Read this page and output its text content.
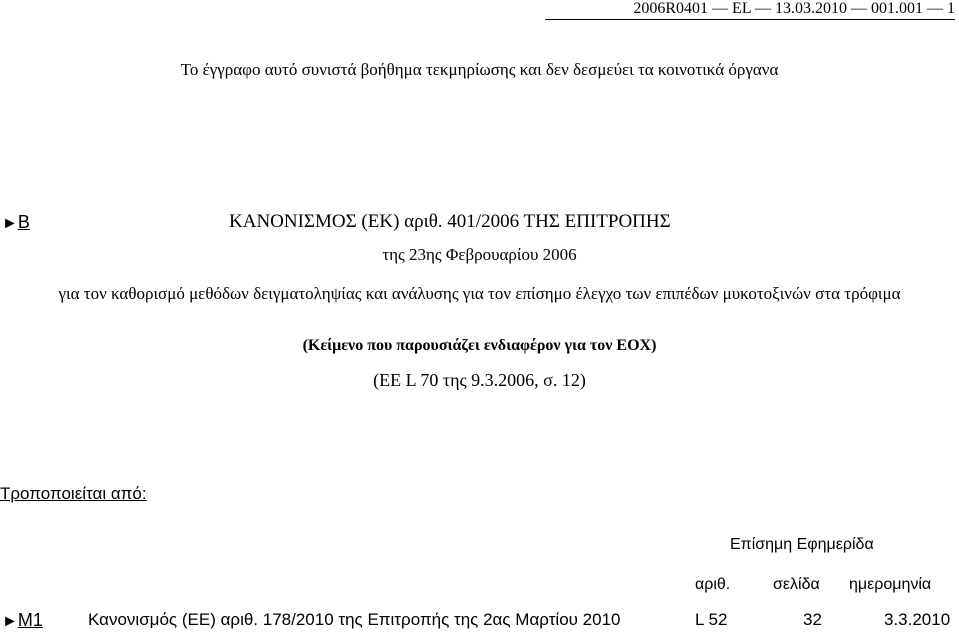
2006R0401 — EL — 13.03.2010 — 001.001 — 1
Το έγγραφο αυτό συνιστά βοήθημα τεκμηρίωσης και δεν δεσμεύει τα κοινοτικά όργανα
►B	ΚΑΝΟΝΙΣΜΟΣ (ΕΚ) αριθ. 401/2006 ΤΗΣ ΕΠΙΤΡΟΠΗΣ
της 23ης Φεβρουαρίου 2006
για τον καθορισμό μεθόδων δειγματοληψίας και ανάλυσης για τον επίσημο έλεγχο των επιπέδων μυκοτοξινών στα τρόφιμα
(Κείμενο που παρουσιάζει ενδιαφέρον για τον ΕΟΧ)
(ΕΕ L 70 της 9.3.2006, σ. 12)
Τροποποιείται από:
Επίσημη Εφημερίδα
αριθ.	σελίδα ημερομηνία
►M1	Κανονισμός (ΕΕ) αριθ. 178/2010 της Επιτροπής της 2ας Μαρτίου 2010	L 52	32	3.3.2010
